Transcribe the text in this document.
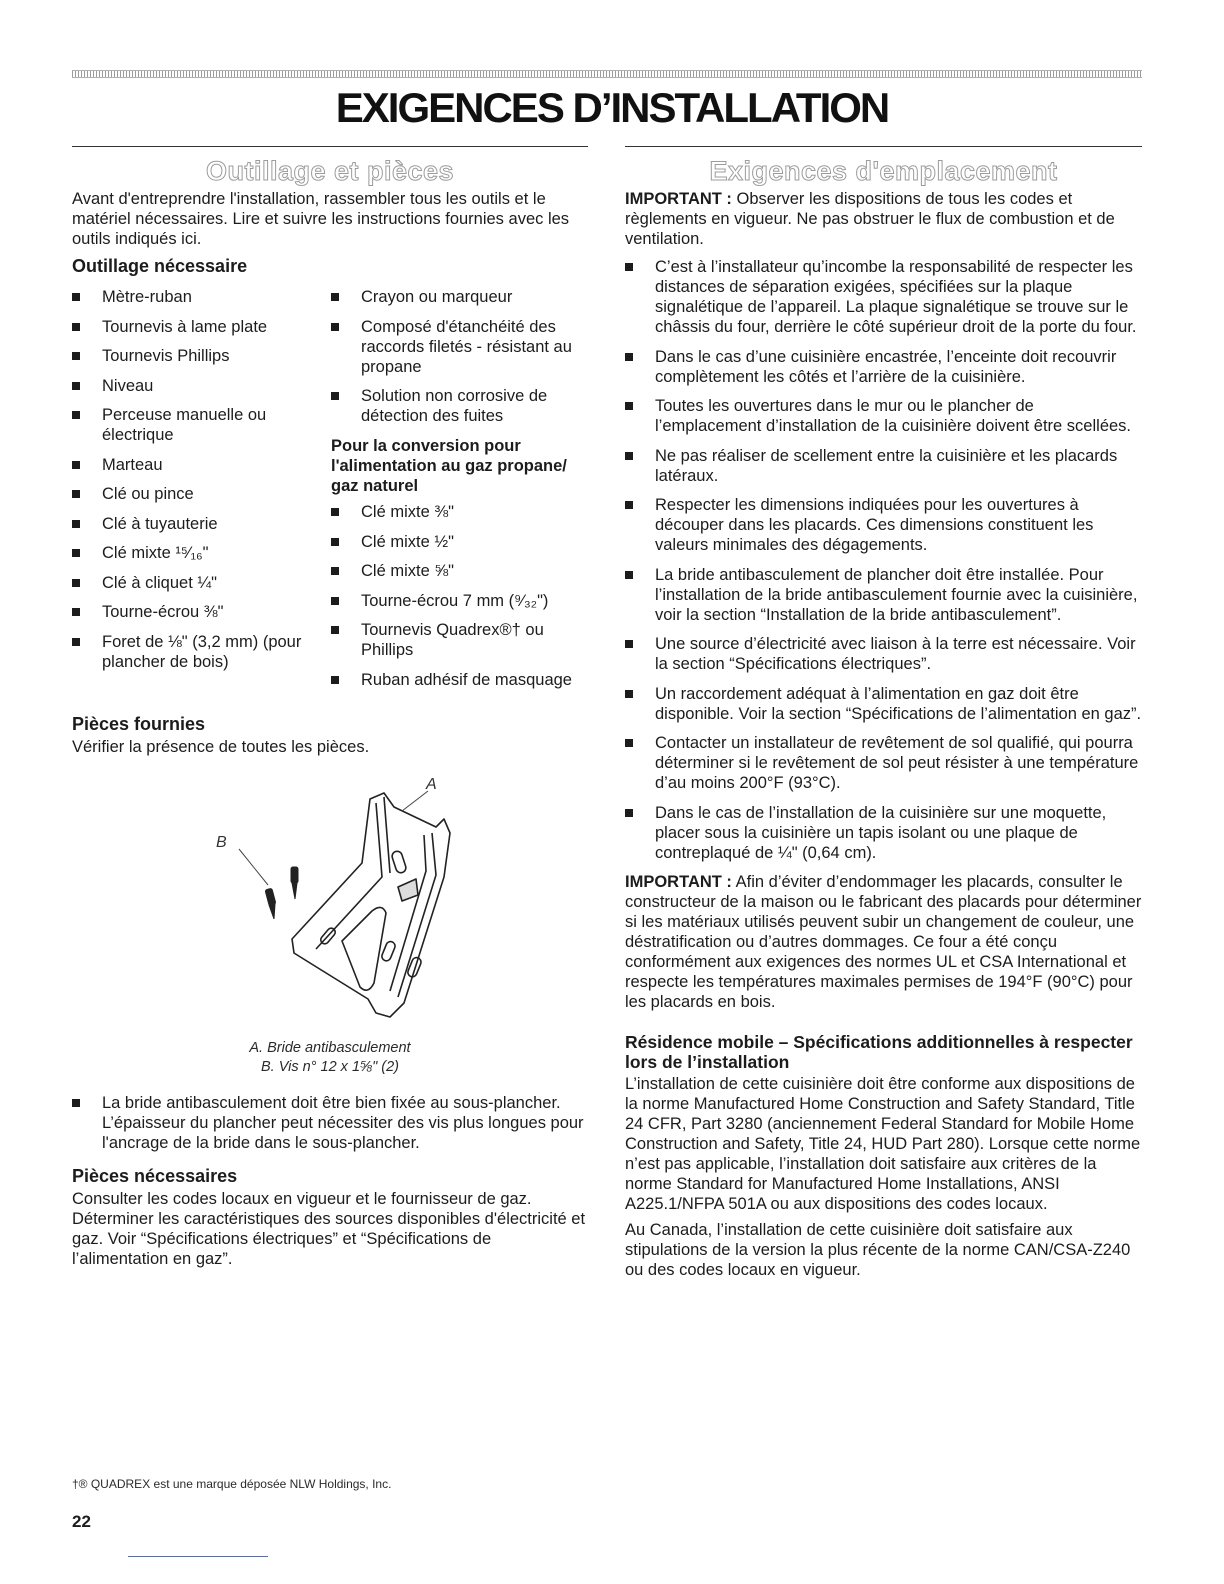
EXIGENCES D’INSTALLATION
Outillage et pièces

Avant d'entreprendre l'installation, rassembler tous les outils et le matériel nécessaires. Lire et suivre les instructions fournies avec les outils indiqués ici.

Outillage nécessaire
Mètre-ruban
Tournevis à lame plate
Tournevis Phillips
Niveau
Perceuse manuelle ou électrique
Marteau
Clé ou pince
Clé à tuyauterie
Clé mixte ¹⁵⁄₁₆"
Clé à cliquet ¼"
Tourne-écrou ⅜"
Foret de ⅛" (3,2 mm) (pour plancher de bois)
Crayon ou marqueur
Composé d'étanchéité des raccords filetés - résistant au propane
Solution non corrosive de détection des fuites
Pour la conversion pour l'alimentation au gaz propane/ gaz naturel
Clé mixte ⅜"
Clé mixte ½"
Clé mixte ⅝"
Tourne-écrou 7 mm (⁹⁄₃₂")
Tournevis Quadrex®† ou Phillips
Ruban adhésif de masquage
Pièces fournies

Vérifier la présence de toutes les pièces.

A
B
A. Bride antibasculement
B. Vis n° 12 x 1⅝" (2)
La bride antibasculement doit être bien fixée au sous-plancher. L’épaisseur du plancher peut nécessiter des vis plus longues pour l'ancrage de la bride dans le sous-plancher.
Pièces nécessaires

Consulter les codes locaux en vigueur et le fournisseur de gaz. Déterminer les caractéristiques des sources disponibles d'électricité et gaz. Voir “Spécifications électriques” et “Spécifications de l’alimentation en gaz”.

Exigences d'emplacement

IMPORTANT : Observer les dispositions de tous les codes et règlements en vigueur. Ne pas obstruer le flux de combustion et de ventilation.

C’est à l’installateur qu’incombe la responsabilité de respecter les distances de séparation exigées, spécifiées sur la plaque signalétique de l’appareil. La plaque signalétique se trouve sur le châssis du four, derrière le côté supérieur droit de la porte du four.
Dans le cas d’une cuisinière encastrée, l’enceinte doit recouvrir complètement les côtés et l’arrière de la cuisinière.
Toutes les ouvertures dans le mur ou le plancher de l’emplacement d’installation de la cuisinière doivent être scellées.
Ne pas réaliser de scellement entre la cuisinière et les placards latéraux.
Respecter les dimensions indiquées pour les ouvertures à découper dans les placards. Ces dimensions constituent les valeurs minimales des dégagements.
La bride antibasculement de plancher doit être installée. Pour l’installation de la bride antibasculement fournie avec la cuisinière, voir la section “Installation de la bride antibasculement”.
Une source d’électricité avec liaison à la terre est nécessaire. Voir la section “Spécifications électriques”.
Un raccordement adéquat à l’alimentation en gaz doit être disponible. Voir la section “Spécifications de l’alimentation en gaz”.
Contacter un installateur de revêtement de sol qualifié, qui pourra déterminer si le revêtement de sol peut résister à une température d’au moins 200°F (93°C).
Dans le cas de l’installation de la cuisinière sur une moquette, placer sous la cuisinière un tapis isolant ou une plaque de contreplaqué de ¼" (0,64 cm).

IMPORTANT : Afin d’éviter d’endommager les placards, consulter le constructeur de la maison ou le fabricant des placards pour déterminer si les matériaux utilisés peuvent subir un changement de couleur, une déstratification ou d’autres dommages. Ce four a été conçu conformément aux exigences des normes UL et CSA International et respecte les températures maximales permises de 194°F (90°C) pour les placards en bois.

Résidence mobile – Spécifications additionnelles à respecter lors de l’installation

L’installation de cette cuisinière doit être conforme aux dispositions de la norme Manufactured Home Construction and Safety Standard, Title 24 CFR, Part 3280 (anciennement Federal Standard for Mobile Home Construction and Safety, Title 24, HUD Part 280). Lorsque cette norme n’est pas applicable, l’installation doit satisfaire aux critères de la norme Standard for Manufactured Home Installations, ANSI A225.1/NFPA 501A ou aux dispositions des codes locaux.

Au Canada, l’installation de cette cuisinière doit satisfaire aux stipulations de la version la plus récente de la norme CAN/CSA-Z240 ou des codes locaux en vigueur.

†® QUADREX est une marque déposée NLW Holdings, Inc.
22
